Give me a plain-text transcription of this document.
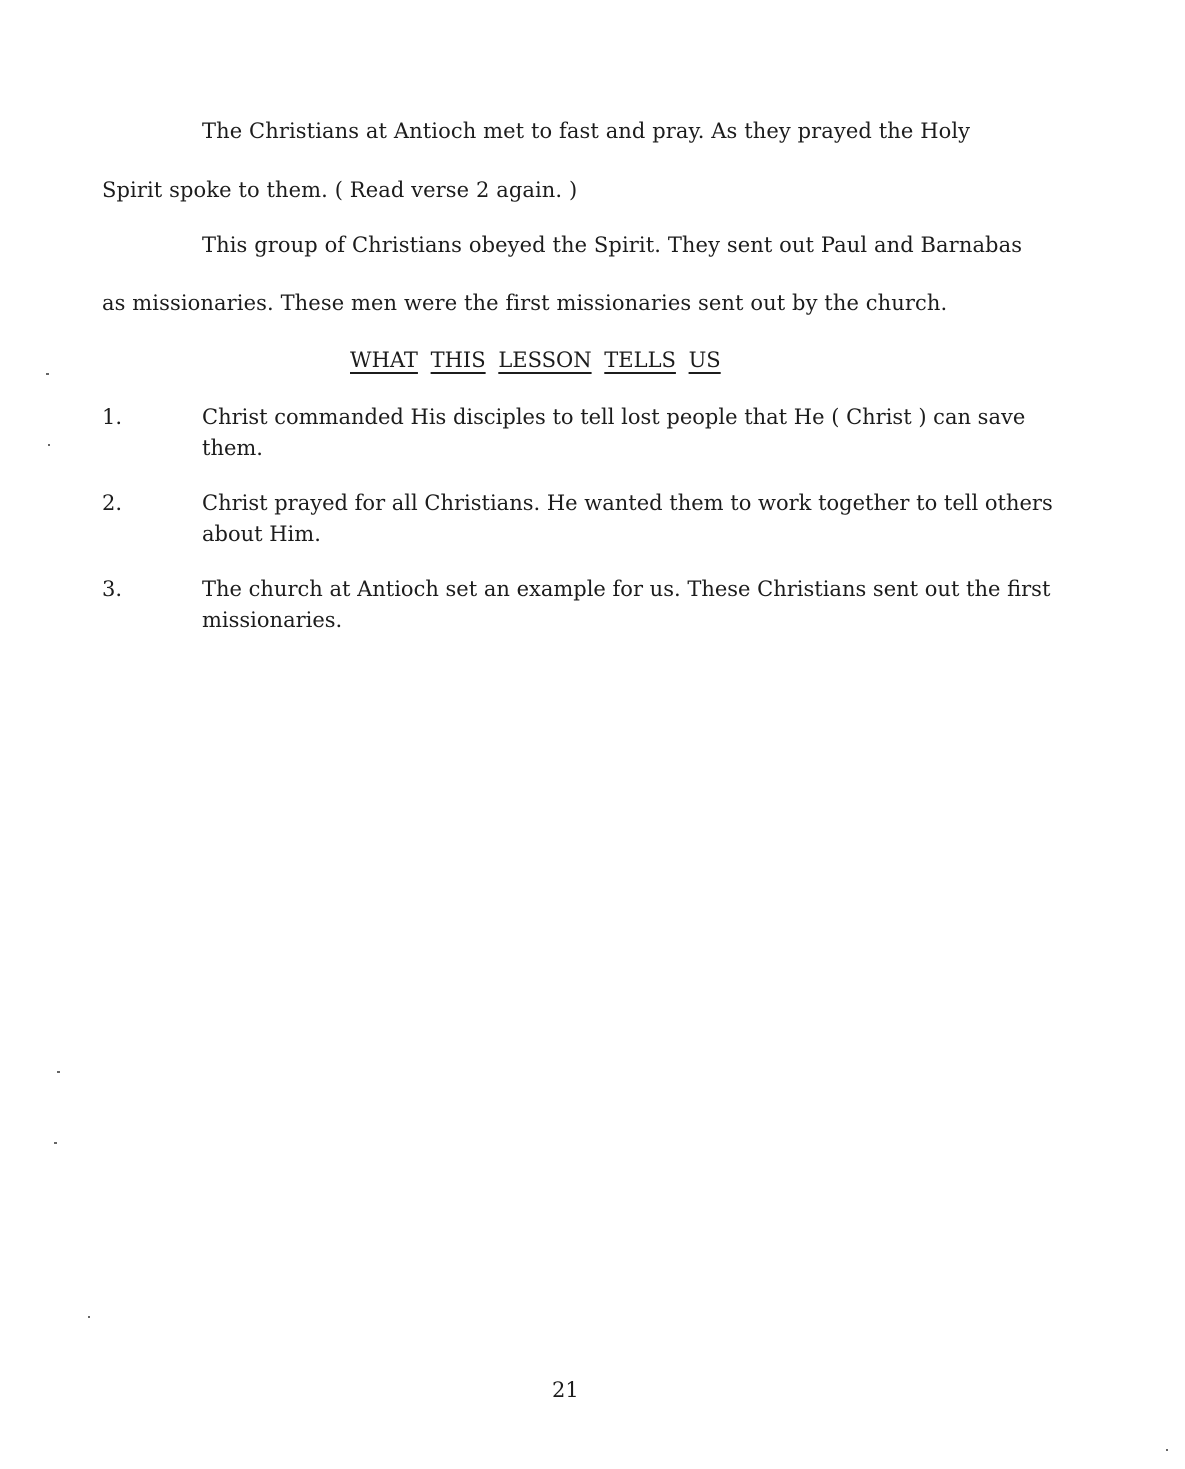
The Christians at Antioch met to fast and pray. As they prayed the Holy
Spirit spoke to them. ( Read verse 2 again. )
This group of Christians obeyed the Spirit. They sent out Paul and Barnabas
as missionaries. These men were the first missionaries sent out by the church.
WHAT THIS LESSON TELLS US
1.	Christ commanded His disciples to tell lost people that He ( Christ ) can save them.
2.	Christ prayed for all Christians. He wanted them to work together to tell others about Him.
3.	The church at Antioch set an example for us. These Christians sent out the first missionaries.
21
